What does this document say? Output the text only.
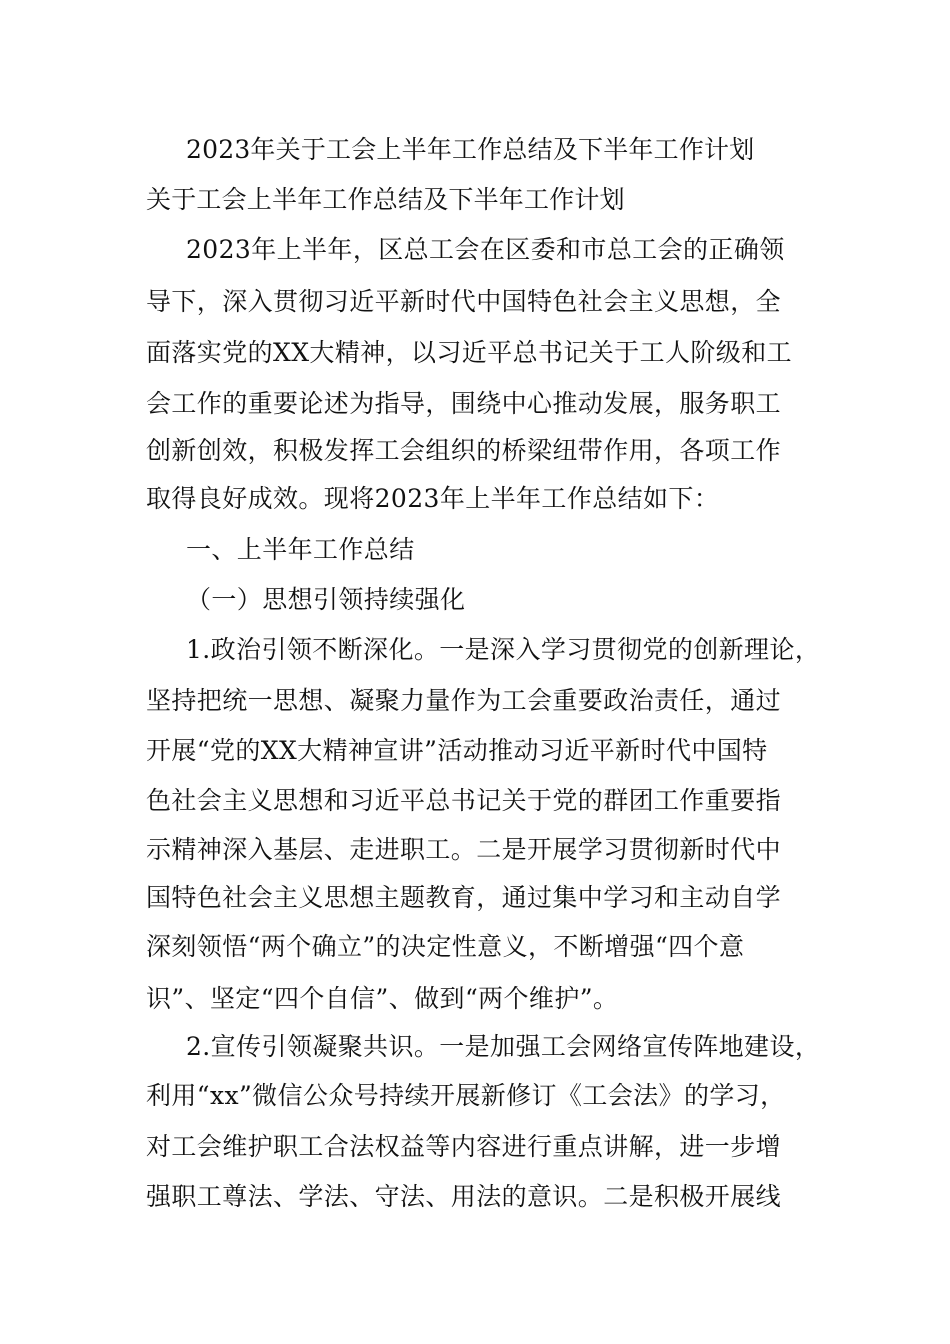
2023年关于工会上半年工作总结及下半年工作计划
关于工会上半年工作总结及下半年工作计划
2023年上半年，区总工会在区委和市总工会的正确领
导下，深入贯彻习近平新时代中国特色社会主义思想，全
面落实党的XX大精神，以习近平总书记关于工人阶级和工
会工作的重要论述为指导，围绕中心推动发展，服务职工
创新创效，积极发挥工会组织的桥梁纽带作用，各项工作
取得良好成效。现将2023年上半年工作总结如下：
一、上半年工作总结
（一）思想引领持续强化
1.政治引领不断深化。一是深入学习贯彻党的创新理论，
坚持把统一思想、凝聚力量作为工会重要政治责任，通过
开展“党的XX大精神宣讲”活动推动习近平新时代中国特
色社会主义思想和习近平总书记关于党的群团工作重要指
示精神深入基层、走进职工。二是开展学习贯彻新时代中
国特色社会主义思想主题教育，通过集中学习和主动自学
深刻领悟“两个确立”的决定性意义，不断增强“四个意
识”、坚定“四个自信”、做到“两个维护”。
2.宣传引领凝聚共识。一是加强工会网络宣传阵地建设，
利用“xx”微信公众号持续开展新修订《工会法》的学习，
对工会维护职工合法权益等内容进行重点讲解，进一步增
强职工尊法、学法、守法、用法的意识。二是积极开展线
